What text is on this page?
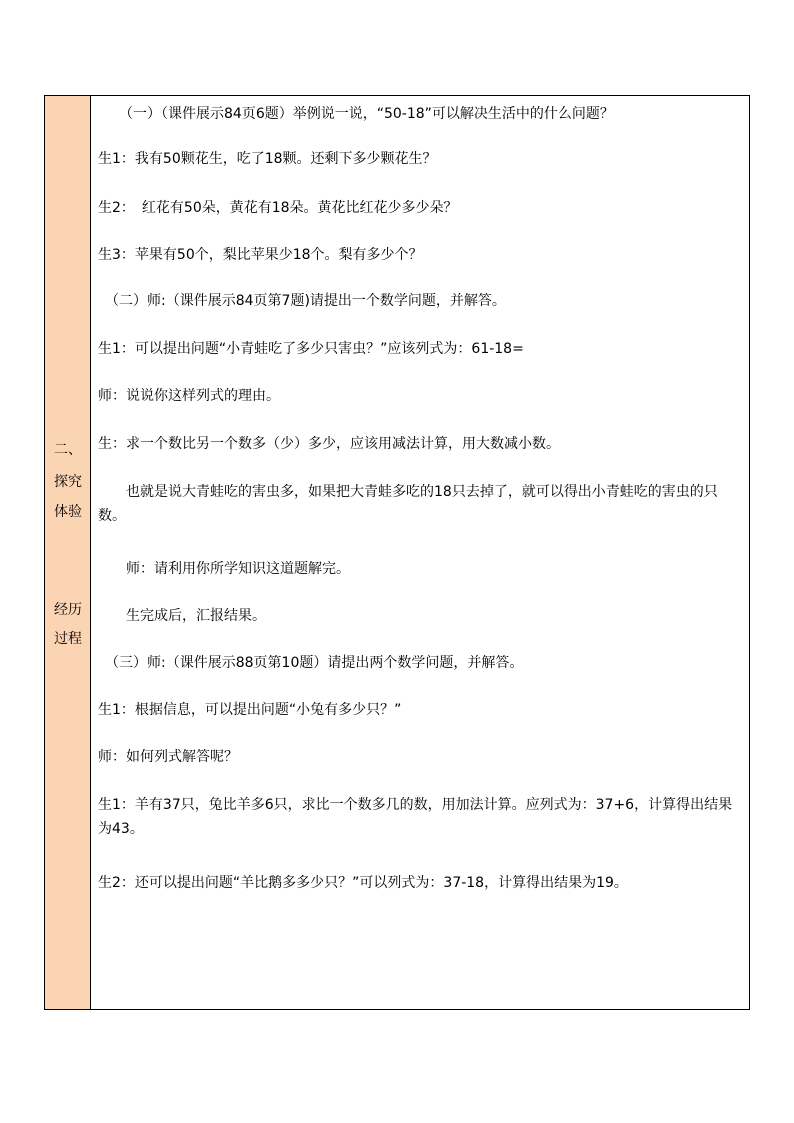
二、
探究
体验
经历
过程
　　（一）（课件展示84页6题）举例说一说，“50-18”可以解决生活中的什么问题？
生1：我有50颗花生，吃了18颗。还剩下多少颗花生？
生2：　红花有50朵，黄花有18朵。黄花比红花少多少朵？
生3：苹果有50个，梨比苹果少18个。梨有多少个？
　（二）师:（课件展示84页第7题)请提出一个数学问题，并解答。
生1：可以提出问题“小青蛙吃了多少只害虫？”应该列式为：61-18=
师：说说你这样列式的理由。
生：求一个数比另一个数多（少）多少，应该用减法计算，用大数减小数。
　　也就是说大青蛙吃的害虫多，如果把大青蛙多吃的18只去掉了，就可以得出小青蛙吃的害虫的只数。
　　师：请利用你所学知识这道题解完。
　　生完成后，汇报结果。
　（三）师:（课件展示88页第10题）请提出两个数学问题，并解答。
生1：根据信息，可以提出问题“小兔有多少只？”
师：如何列式解答呢？
生1：羊有37只，兔比羊多6只，求比一个数多几的数，用加法计算。应列式为：37+6，计算得出结果为43。
生2：还可以提出问题“羊比鹅多多少只？”可以列式为：37-18，计算得出结果为19。
